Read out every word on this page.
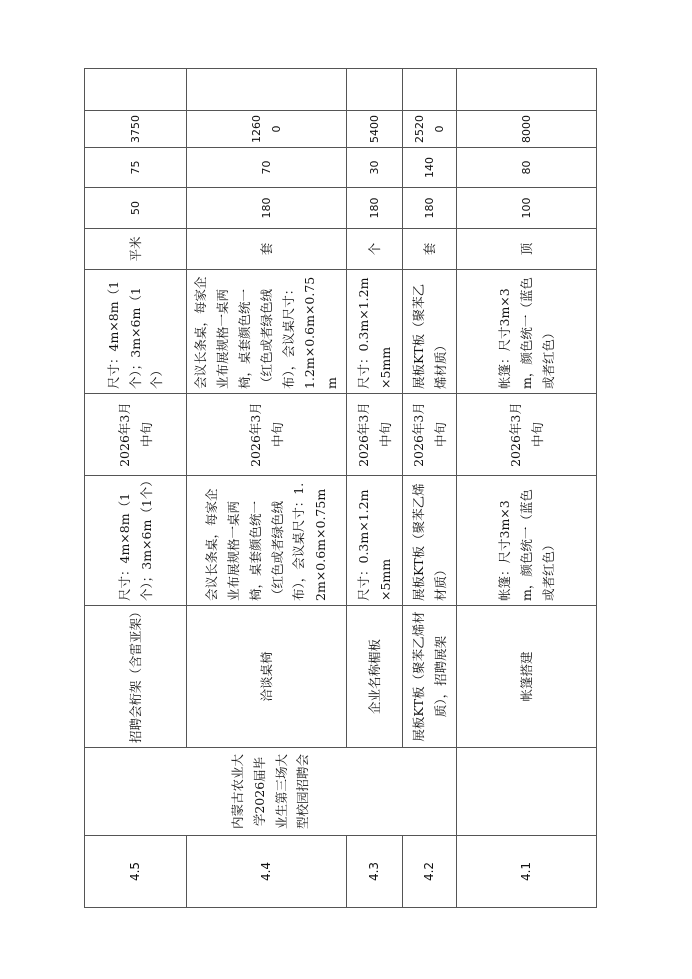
4.5	内蒙古农业大学2026届毕业生第三场大型校园招聘会	招聘会桁架（含雷亚架）	尺寸：4m×8m（1个）；3m×6m（1个）	2026年3月中旬	尺寸：4m×8m（1个）；3m×6m（1个）	平米	50	75	3750	
4.4		洽谈桌椅	会议长条桌，每家企业布展规格一桌两椅，桌套颜色统一（红色或者绿色绒布），会议桌尺寸：1.2m×0.6m×0.75m	2026年3月中旬	会议长条桌，每家企业布展规格一桌两椅，桌套颜色统一（红色或者绿色绒布），会议桌尺寸：1.2m×0.6m×0.75m	套	180	70	12600	
4.3		企业名称楣板	尺寸：0.3m×1.2m×5mm	2026年3月中旬	尺寸：0.3m×1.2m×5mm	个	180	30	5400	
4.2		展板KT板（聚苯乙烯材质），招聘展架	展板KT板（聚苯乙烯材质）	2026年3月中旬	展板KT板（聚苯乙烯材质）	套	180	140	25200	
4.1		帐篷搭建	帐篷：尺寸3m×3m，颜色统一（蓝色或者红色）	2026年3月中旬	帐篷：尺寸3m×3m，颜色统一（蓝色或者红色）	顶	100	80	8000	
